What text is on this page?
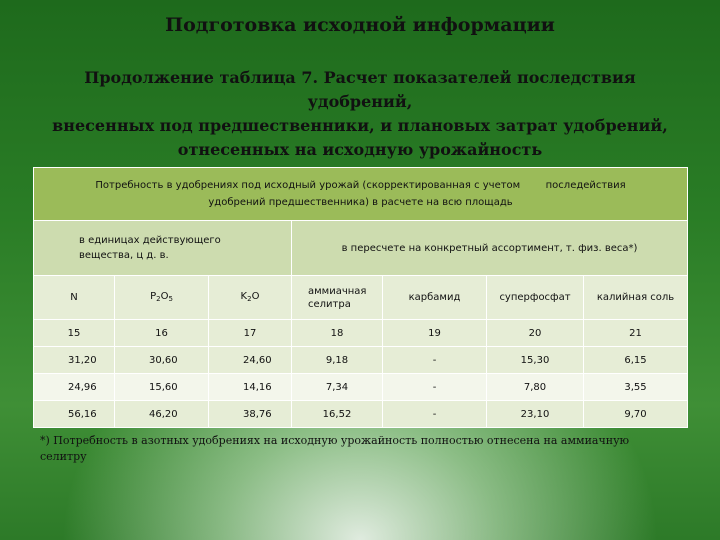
Подготовка исходной информации
Продолжение таблица 7. Расчет показателей последствия удобрений,
внесенных под предшественники, и плановых затрат удобрений,
отнесенных на исходную урожайность
Потребность в удобрениях под исходный урожай (скорректированная с учетом        последействия
удобрений предшественника) в расчете на всю площадь						

в единицах действующего
вещества, ц д. в.			в пересчете на конкретный ассортимент, т. физ. веса*)			
N	$P_2O_5$	$K_2O$	аммиачная
селитра	карбамид	суперфосфат	калийная соль
15	16	17	18	19	20	21
31,20	30,60	24,60	9,18	-	15,30	6,15
24,96	15,60	14,16	7,34	-	7,80	3,55
56,16	46,20	38,76	16,52	-	23,10	9,70
*) Потребность в азотных удобрениях на исходную урожайность полностью отнесена на аммиачную
селитру
